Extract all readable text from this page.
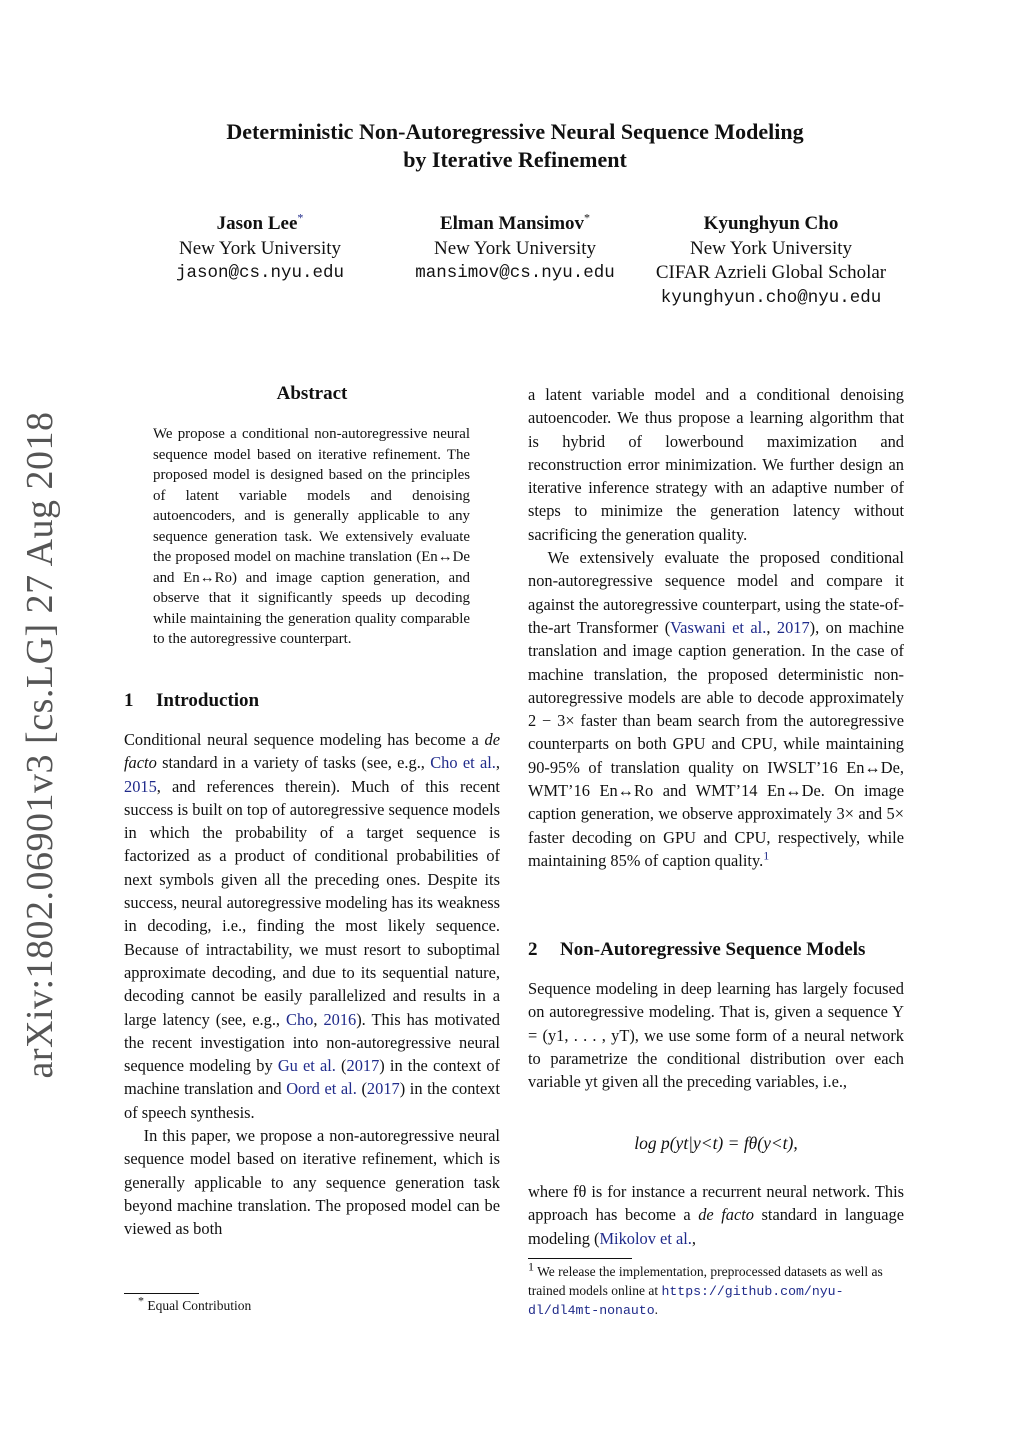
arXiv:1802.06901v3 [cs.LG] 27 Aug 2018
Deterministic Non-Autoregressive Neural Sequence Modeling
by Iterative Refinement
Jason Lee*
New York University
jason@cs.nyu.edu
Elman Mansimov*
New York University
mansimov@cs.nyu.edu
Kyunghyun Cho
New York University
CIFAR Azrieli Global Scholar
kyunghyun.cho@nyu.edu
Abstract
We propose a conditional non-autoregressive neural sequence model based on iterative refinement. The proposed model is designed based on the principles of latent variable models and denoising autoencoders, and is generally applicable to any sequence generation task. We extensively evaluate the proposed model on machine translation (En↔De and En↔Ro) and image caption generation, and observe that it significantly speeds up decoding while maintaining the generation quality comparable to the autoregressive counterpart.
1 Introduction

Conditional neural sequence modeling has become a de facto standard in a variety of tasks (see, e.g., Cho et al., 2015, and references therein). Much of this recent success is built on top of autoregressive sequence models in which the probability of a target sequence is factorized as a product of conditional probabilities of next symbols given all the preceding ones. Despite its success, neural autoregressive modeling has its weakness in decoding, i.e., finding the most likely sequence. Because of intractability, we must resort to suboptimal approximate decoding, and due to its sequential nature, decoding cannot be easily parallelized and results in a large latency (see, e.g., Cho, 2016). This has motivated the recent investigation into non-autoregressive neural sequence modeling by Gu et al. (2017) in the context of machine translation and Oord et al. (2017) in the context of speech synthesis.

In this paper, we propose a non-autoregressive neural sequence model based on iterative refinement, which is generally applicable to any sequence generation task beyond machine translation. The proposed model can be viewed as both

* Equal Contribution

a latent variable model and a conditional denoising autoencoder. We thus propose a learning algorithm that is hybrid of lowerbound maximization and reconstruction error minimization. We further design an iterative inference strategy with an adaptive number of steps to minimize the generation latency without sacrificing the generation quality.

We extensively evaluate the proposed conditional non-autoregressive sequence model and compare it against the autoregressive counterpart, using the state-of-the-art Transformer (Vaswani et al., 2017), on machine translation and image caption generation. In the case of machine translation, the proposed deterministic non-autoregressive models are able to decode approximately 2 − 3× faster than beam search from the autoregressive counterparts on both GPU and CPU, while maintaining 90-95% of translation quality on IWSLT’16 En↔De, WMT’16 En↔Ro and WMT’14 En↔De. On image caption generation, we observe approximately 3× and 5× faster decoding on GPU and CPU, respectively, while maintaining 85% of caption quality.$^1$

2 Non-Autoregressive Sequence Models

Sequence modeling in deep learning has largely focused on autoregressive modeling. That is, given a sequence Y = (y1, . . . , yT), we use some form of a neural network to parametrize the conditional distribution over each variable yt given all the preceding variables, i.e.,

log p(yt|y<t) = fθ(y<t),

where fθ is for instance a recurrent neural network. This approach has become a de facto standard in language modeling (Mikolov et al.,

1 We release the implementation, preprocessed datasets as well as trained models online at https://github.com/nyu-dl/dl4mt-nonauto.
